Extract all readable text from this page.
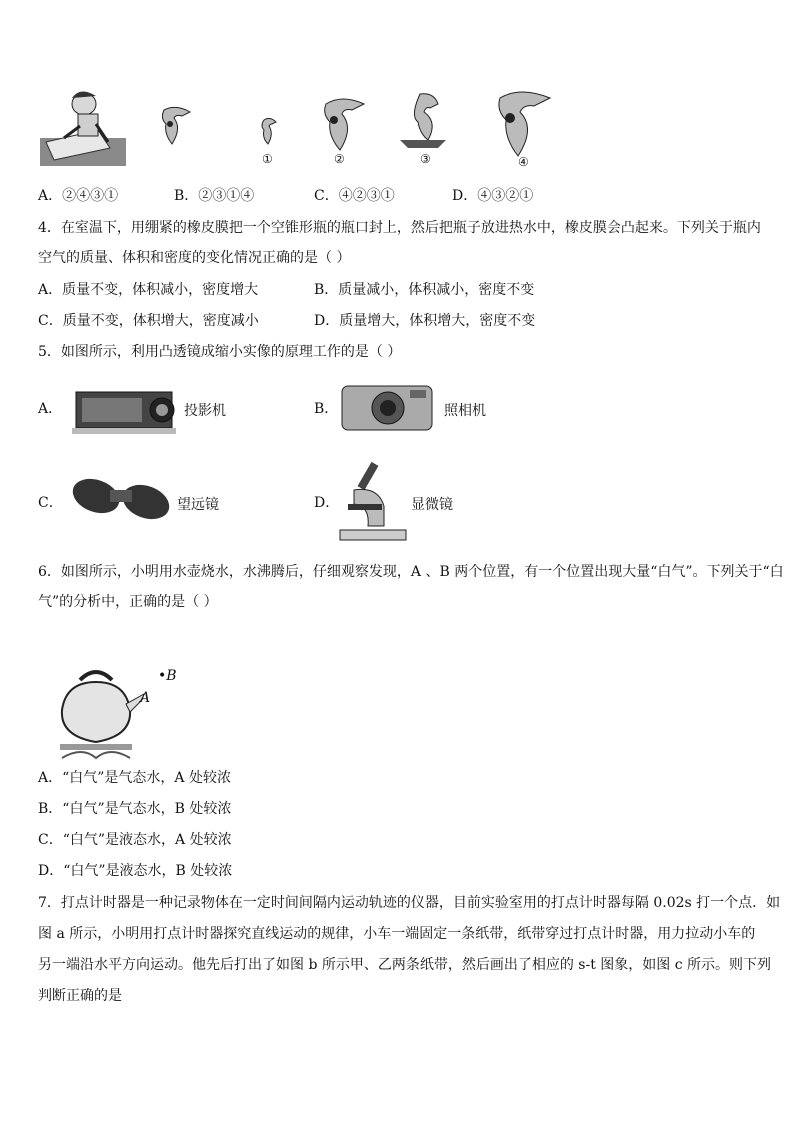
①	②	③	④
A．②④③①	B．②③①④	C．④②③①	D．④③②①
4．在室温下，用绷紧的橡皮膜把一个空锥形瓶的瓶口封上，然后把瓶子放进热水中，橡皮膜会凸起来。下列关于瓶内
空气的质量、体积和密度的变化情况正确的是（ ）
A．质量不变，体积减小，密度增大	B．质量减小，体积减小，密度不变
C．质量不变，体积增大，密度减小	D．质量增大，体积增大，密度不变
5．如图所示，利用凸透镜成缩小实像的原理工作的是（ ）
A．	投影机	B．	照相机
C．	望远镜	D．	显微镜
6．如图所示，小明用水壶烧水，水沸腾后，仔细观察发现，A 、B 两个位置，有一个位置出现大量“白气”。下列关于“白
气”的分析中，正确的是（ ）
A
•B
A．“白气”是气态水，A 处较浓
B．“白气”是气态水，B 处较浓
C．“白气”是液态水，A 处较浓
D．“白气”是液态水，B 处较浓
7．打点计时器是一种记录物体在一定时间间隔内运动轨迹的仪器，目前实验室用的打点计时器每隔 0.02s 打一个点．如
图 a 所示，小明用打点计时器探究直线运动的规律，小车一端固定一条纸带，纸带穿过打点计时器，用力拉动小车的
另一端沿水平方向运动。他先后打出了如图 b 所示甲、乙两条纸带，然后画出了相应的 s-t 图象，如图 c 所示。则下列
判断正确的是
